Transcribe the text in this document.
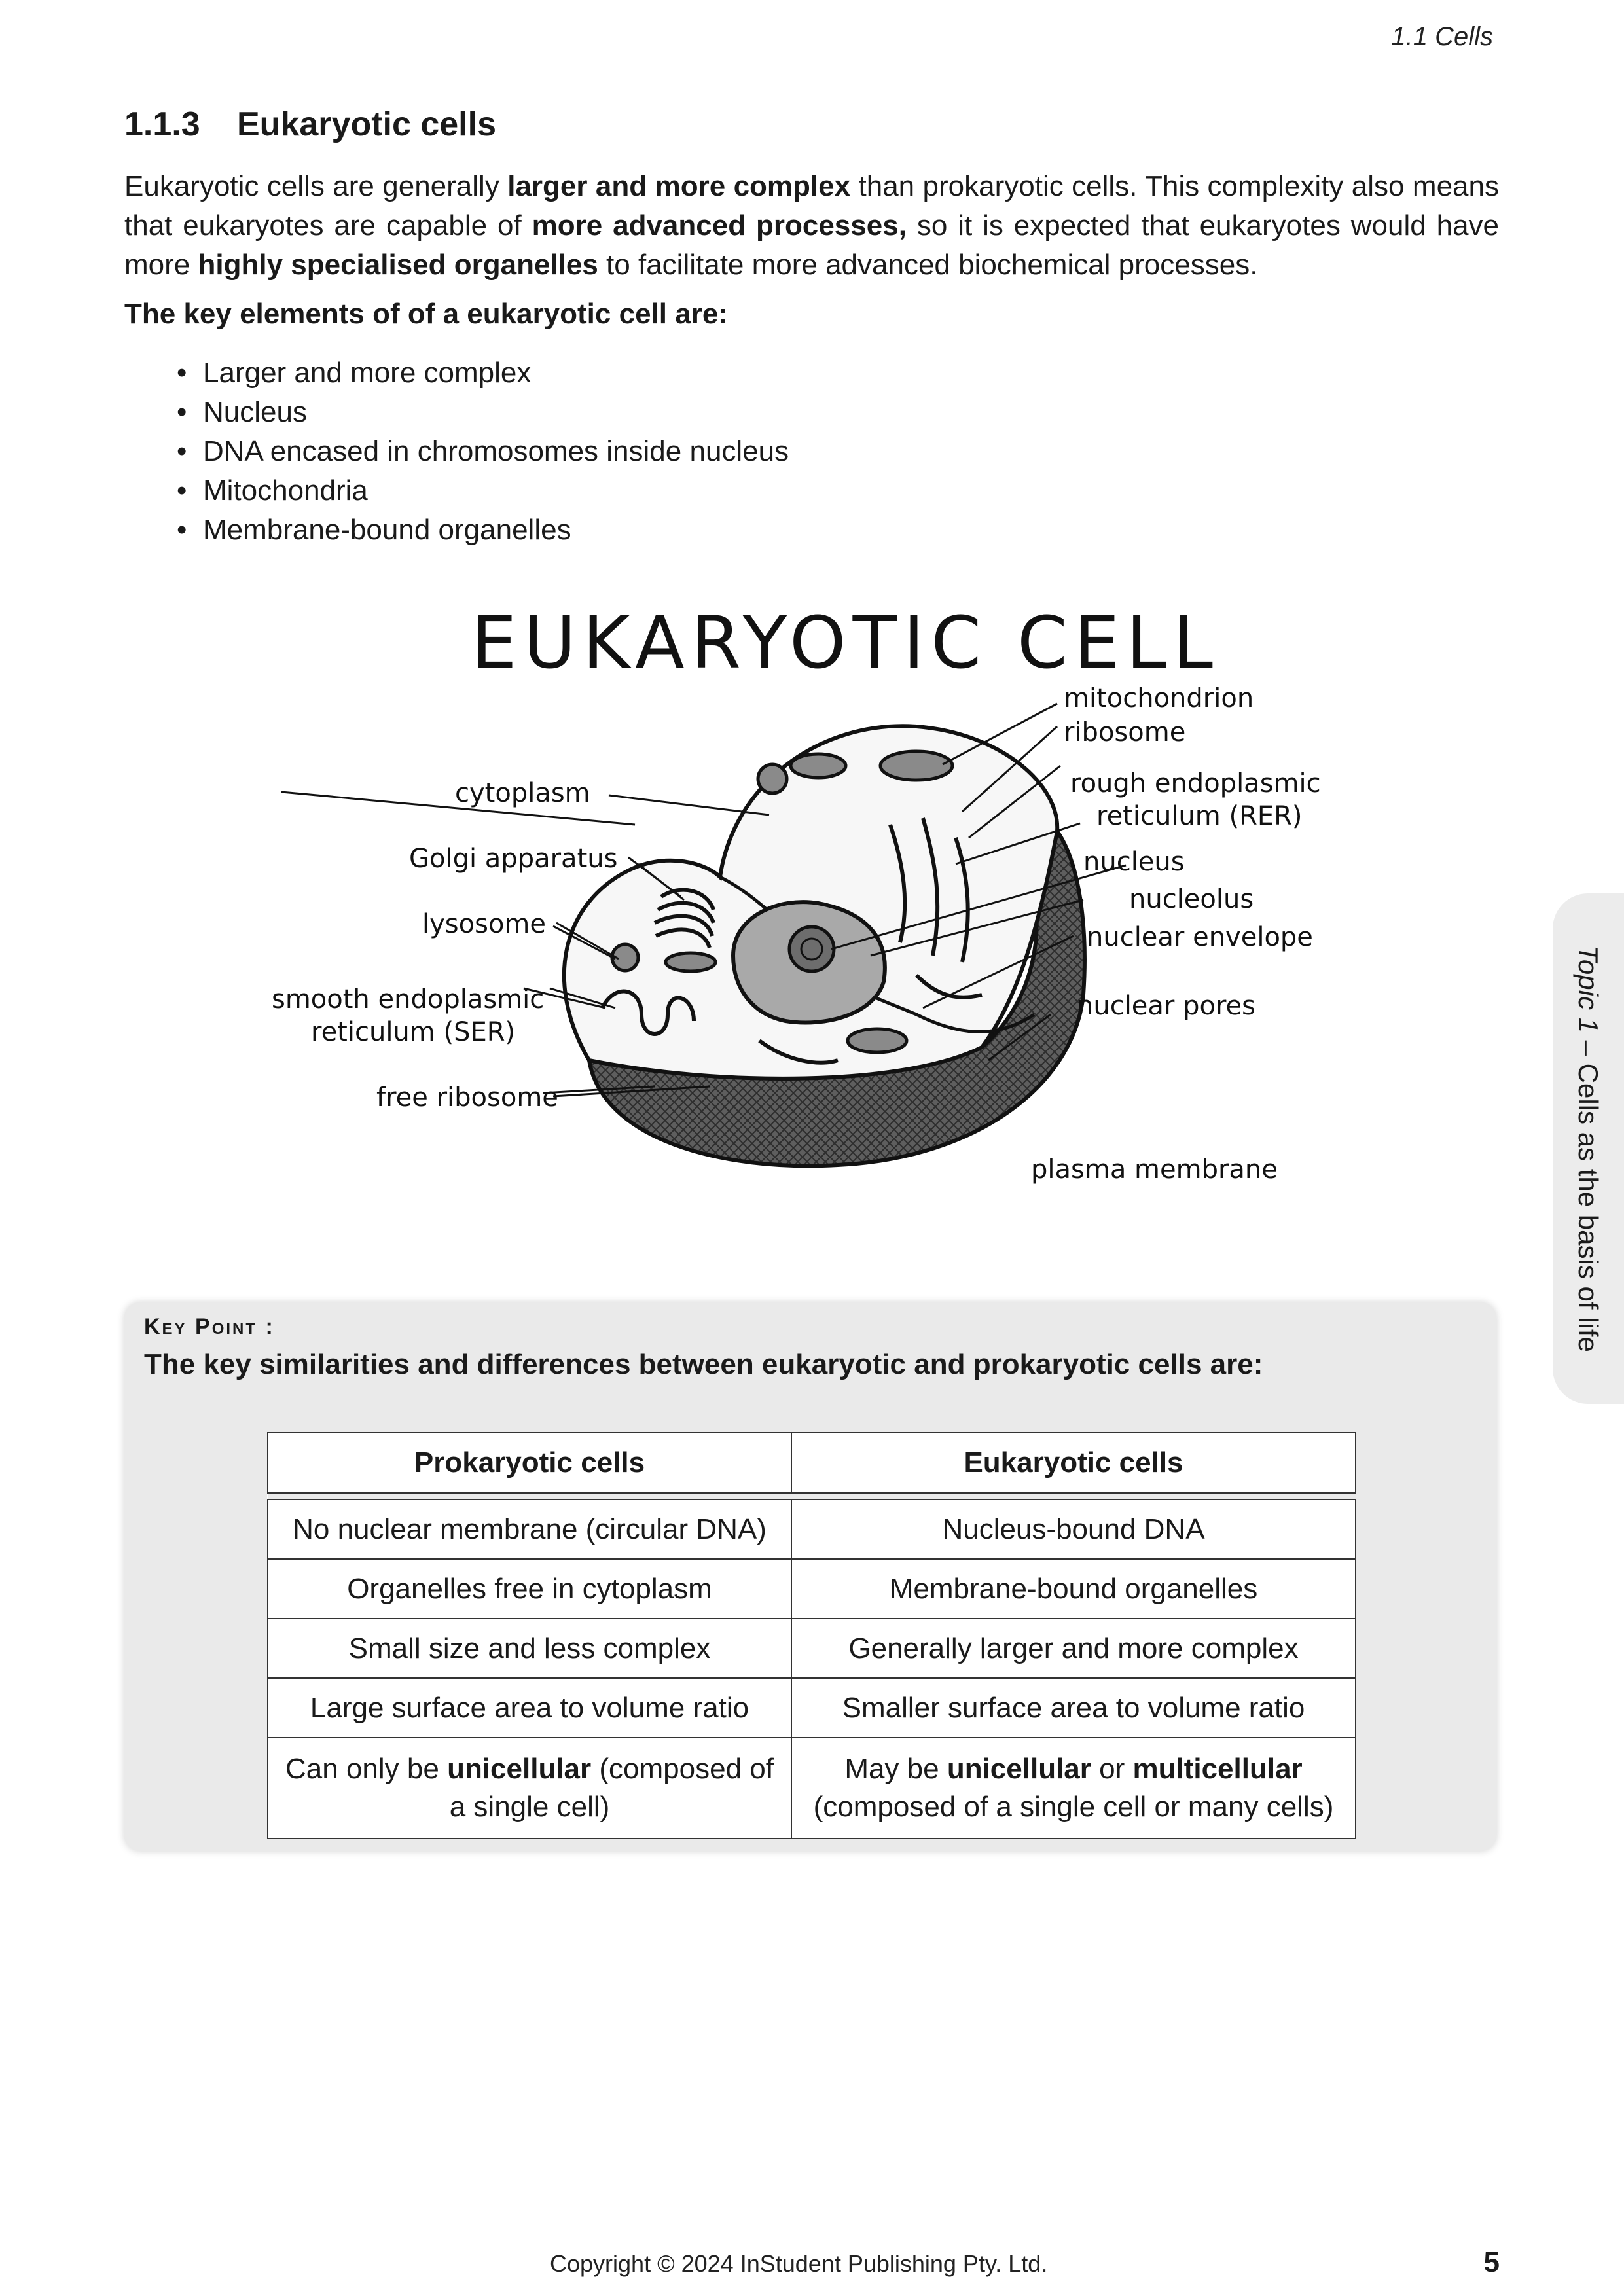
1.1 Cells
1.1.3 Eukaryotic cells

Eukaryotic cells are generally larger and more complex than prokaryotic cells. This complexity also means that eukaryotes are capable of more advanced processes, so it is expected that eukaryotes would have more highly specialised organelles to facilitate more advanced biochemical processes.

The key elements of of a eukaryotic cell are:

• Larger and more complex
• Nucleus
• DNA encased in chromosomes inside nucleus
• Mitochondria
• Membrane-bound organelles
EUKARYOTIC CELL
mitochondrion
ribosome
rough endoplasmic
reticulum (RER)
nucleus
nucleolus
nuclear envelope
nuclear pores
plasma membrane
cytoplasm
Golgi apparatus
lysosome
smooth endoplasmic
reticulum (SER)
free ribosome
Topic 1 – Cells as the basis of life

Key Point :

The key similarities and differences between eukaryotic and prokaryotic cells are:

Prokaryotic cells	Eukaryotic cells

No nuclear membrane (circular DNA)	Nucleus-bound DNA
Organelles free in cytoplasm	Membrane-bound organelles
Small size and less complex	Generally larger and more complex
Large surface area to volume ratio	Smaller surface area to volume ratio
Can only be unicellular (composed of a single cell)	May be unicellular or multicellular (composed of a single cell or many cells)
Copyright © 2024 InStudent Publishing Pty. Ltd.	5
